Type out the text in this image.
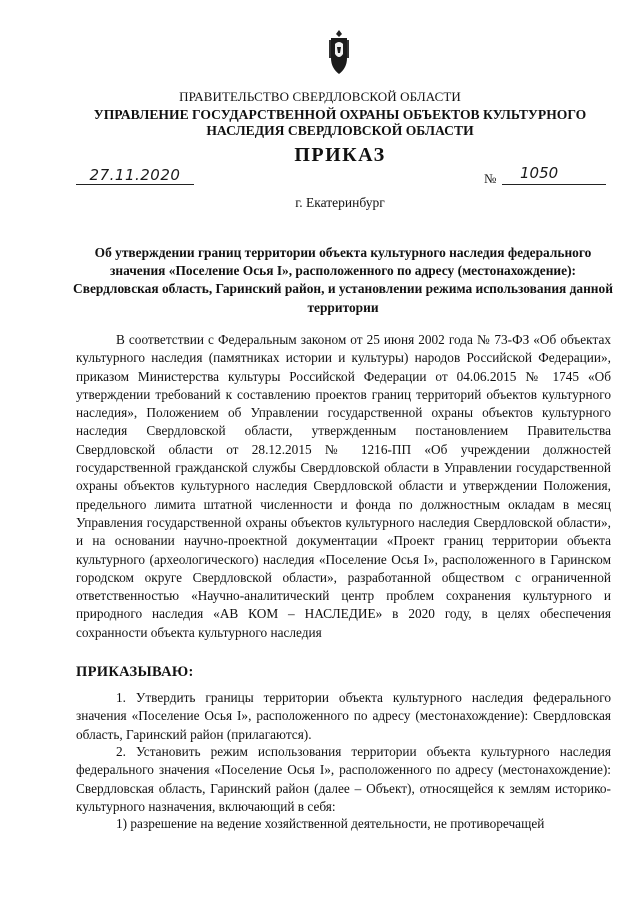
ПРАВИТЕЛЬСТВО СВЕРДЛОВСКОЙ ОБЛАСТИ
УПРАВЛЕНИЕ ГОСУДАРСТВЕННОЙ ОХРАНЫ ОБЪЕКТОВ КУЛЬТУРНОГО НАСЛЕДИЯ СВЕРДЛОВСКОЙ ОБЛАСТИ
ПРИКАЗ
27.11.2020	№ 1050
г. Екатеринбург
Об утверждении границ территории объекта культурного наследия федерального значения «Поселение Осья I», расположенного по адресу (местонахождение): Свердловская область, Гаринский район, и установлении режима использования данной территории

В соответствии с Федеральным законом от 25 июня 2002 года № 73-ФЗ «Об объектах культурного наследия (памятниках истории и культуры) народов Российской Федерации», приказом Министерства культуры Российской Федерации от 04.06.2015 № 1745 «Об утверждении требований к составлению проектов границ территорий объектов культурного наследия», Положением об Управлении государственной охраны объектов культурного наследия Свердловской области, утвержденным постановлением Правительства Свердловской области от 28.12.2015 № 1216-ПП «Об учреждении должностей государственной гражданской службы Свердловской области в Управлении государственной охраны объектов культурного наследия Свердловской области и утверждении Положения, предельного лимита штатной численности и фонда по должностным окладам в месяц Управления государственной охраны объектов культурного наследия Свердловской области», и на основании научно-проектной документации «Проект границ территории объекта культурного (археологического) наследия «Поселение Осья I», расположенного в Гаринском городском округе Свердловской области», разработанной обществом с ограниченной ответственностью «Научно-аналитический центр проблем сохранения культурного и природного наследия «АВ КОМ – НАСЛЕДИЕ» в 2020 году, в целях обеспечения сохранности объекта культурного наследия

ПРИКАЗЫВАЮ:

1. Утвердить границы территории объекта культурного наследия федерального значения «Поселение Осья I», расположенного по адресу (местонахождение): Свердловская область, Гаринский район (прилагаются).

2. Установить режим использования территории объекта культурного наследия федерального значения «Поселение Осья I», расположенного по адресу (местонахождение): Свердловская область, Гаринский район (далее – Объект), относящейся к землям историко-культурного назначения, включающий в себя:

1) разрешение на ведение хозяйственной деятельности, не противоречащей
